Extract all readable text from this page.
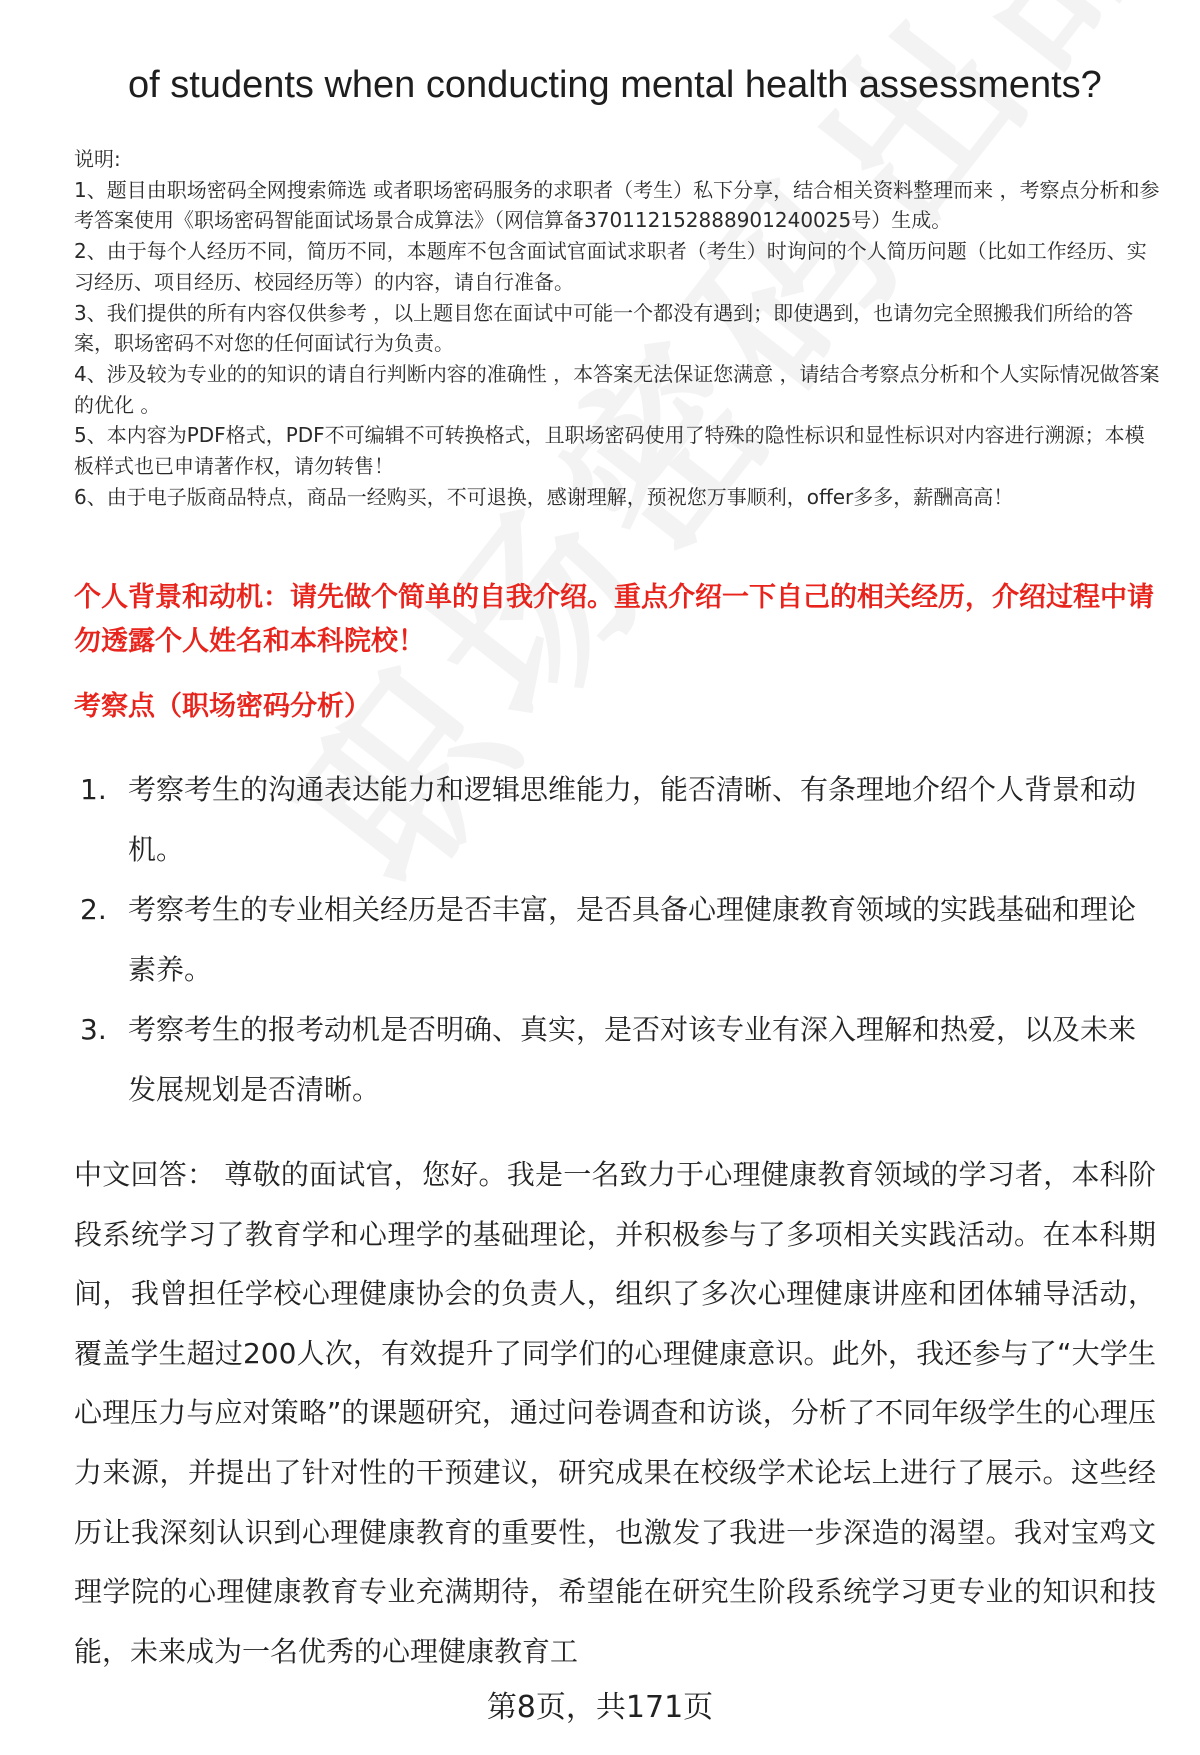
of students when conducting mental health assessments?

说明:

1、题目由职场密码全网搜索筛选 或者职场密码服务的求职者（考生）私下分享，结合相关资料整理而来 ，考察点分析和参考答案使用《职场密码智能面试场景合成算法》（网信算备370112152888901240025号）生成。

2、由于每个人经历不同，简历不同，本题库不包含面试官面试求职者（考生）时询问的个人简历问题（比如工作经历、实习经历、项目经历、校园经历等）的内容，请自行准备。

3、我们提供的所有内容仅供参考 ，以上题目您在面试中可能一个都没有遇到；即使遇到，也请勿完全照搬我们所给的答案，职场密码不对您的任何面试行为负责。

4、涉及较为专业的的知识的请自行判断内容的准确性 ，本答案无法保证您满意 ，请结合考察点分析和个人实际情况做答案的优化 。

5、本内容为PDF格式，PDF不可编辑不可转换格式，且职场密码使用了特殊的隐性标识和显性标识对内容进行溯源；本模板样式也已申请著作权，请勿转售！

6、由于电子版商品特点，商品一经购买，不可退换，感谢理解，预祝您万事顺利，offer多多，薪酬高高！

个人背景和动机：请先做个简单的自我介绍。重点介绍一下自己的相关经历，介绍过程中请勿透露个人姓名和本科院校！
考察点（职场密码分析）
1. 考察考生的沟通表达能力和逻辑思维能力，能否清晰、有条理地介绍个人背景和动机。
2. 考察考生的专业相关经历是否丰富，是否具备心理健康教育领域的实践基础和理论素养。
3. 考察考生的报考动机是否明确、真实，是否对该专业有深入理解和热爱，以及未来发展规划是否清晰。
中文回答： 尊敬的面试官，您好。我是一名致力于心理健康教育领域的学习者，本科阶段系统学习了教育学和心理学的基础理论，并积极参与了多项相关实践活动。在本科期间，我曾担任学校心理健康协会的负责人，组织了多次心理健康讲座和团体辅导活动，覆盖学生超过200人次，有效提升了同学们的心理健康意识。此外，我还参与了“大学生心理压力与应对策略”的课题研究，通过问卷调查和访谈，分析了不同年级学生的心理压力来源，并提出了针对性的干预建议，研究成果在校级学术论坛上进行了展示。这些经历让我深刻认识到心理健康教育的重要性，也激发了我进一步深造的渴望。我对宝鸡文理学院的心理健康教育专业充满期待，希望能在研究生阶段系统学习更专业的知识和技能，未来成为一名优秀的心理健康教育工
第8页，共171页
